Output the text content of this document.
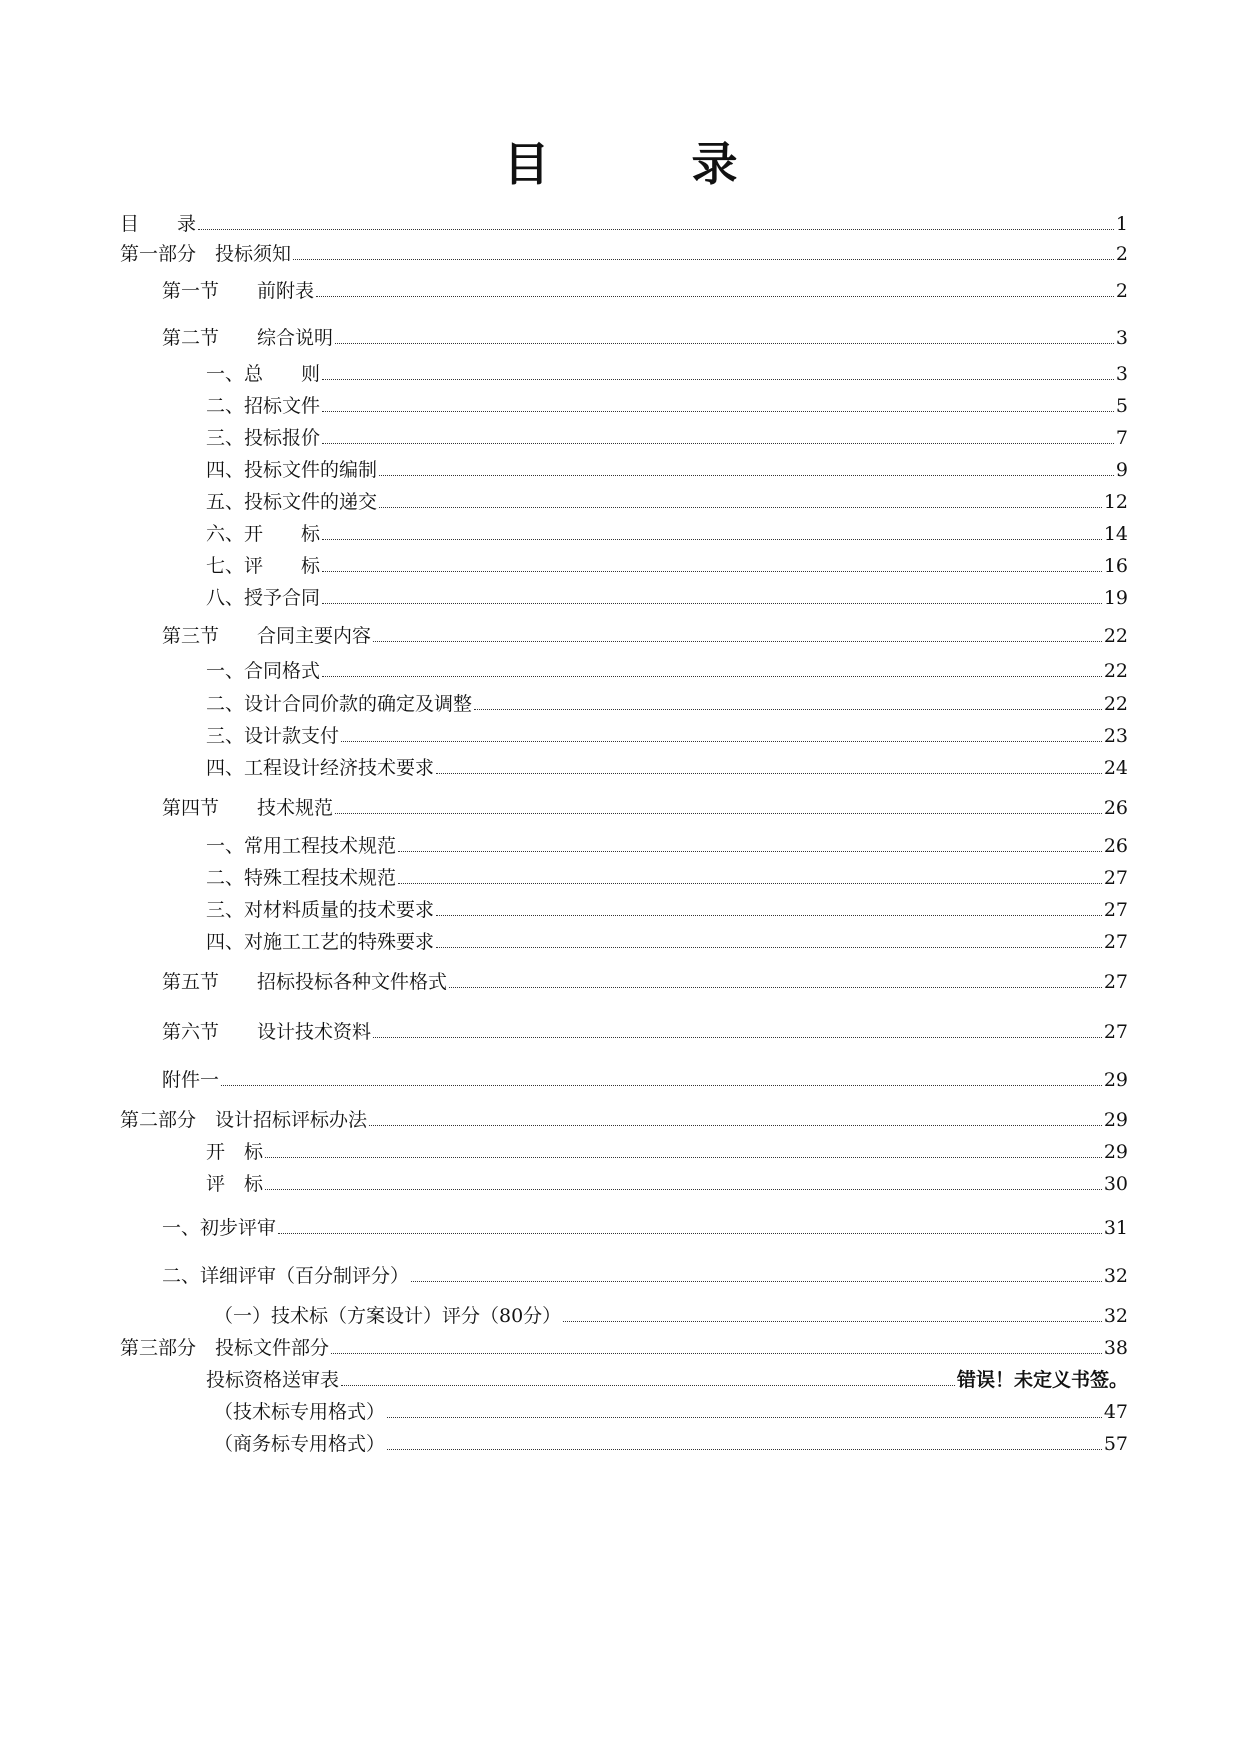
目　录
目　　录	1
第一部分　投标须知	2
第一节　　前附表	2
第二节　　综合说明	3
一、总　　则	3
二、招标文件	5
三、投标报价	7
四、投标文件的编制	9
五、投标文件的递交	12
六、开　　标	14
七、评　　标	16
八、授予合同	19
第三节　　合同主要内容	22
一、合同格式	22
二、设计合同价款的确定及调整	22
三、设计款支付	23
四、工程设计经济技术要求	24
第四节　　技术规范	26
一、常用工程技术规范	26
二、特殊工程技术规范	27
三、对材料质量的技术要求	27
四、对施工工艺的特殊要求	27
第五节　　招标投标各种文件格式	27
第六节　　设计技术资料	27
附件一	29
第二部分　设计招标评标办法	29
开　标	29
评　标	30
一、初步评审	31
二、详细评审（百分制评分）	32
（一）技术标（方案设计）评分（80分）	32
第三部分　投标文件部分	38
投标资格送审表	错误！未定义书签。
（技术标专用格式）	47
（商务标专用格式）	57
